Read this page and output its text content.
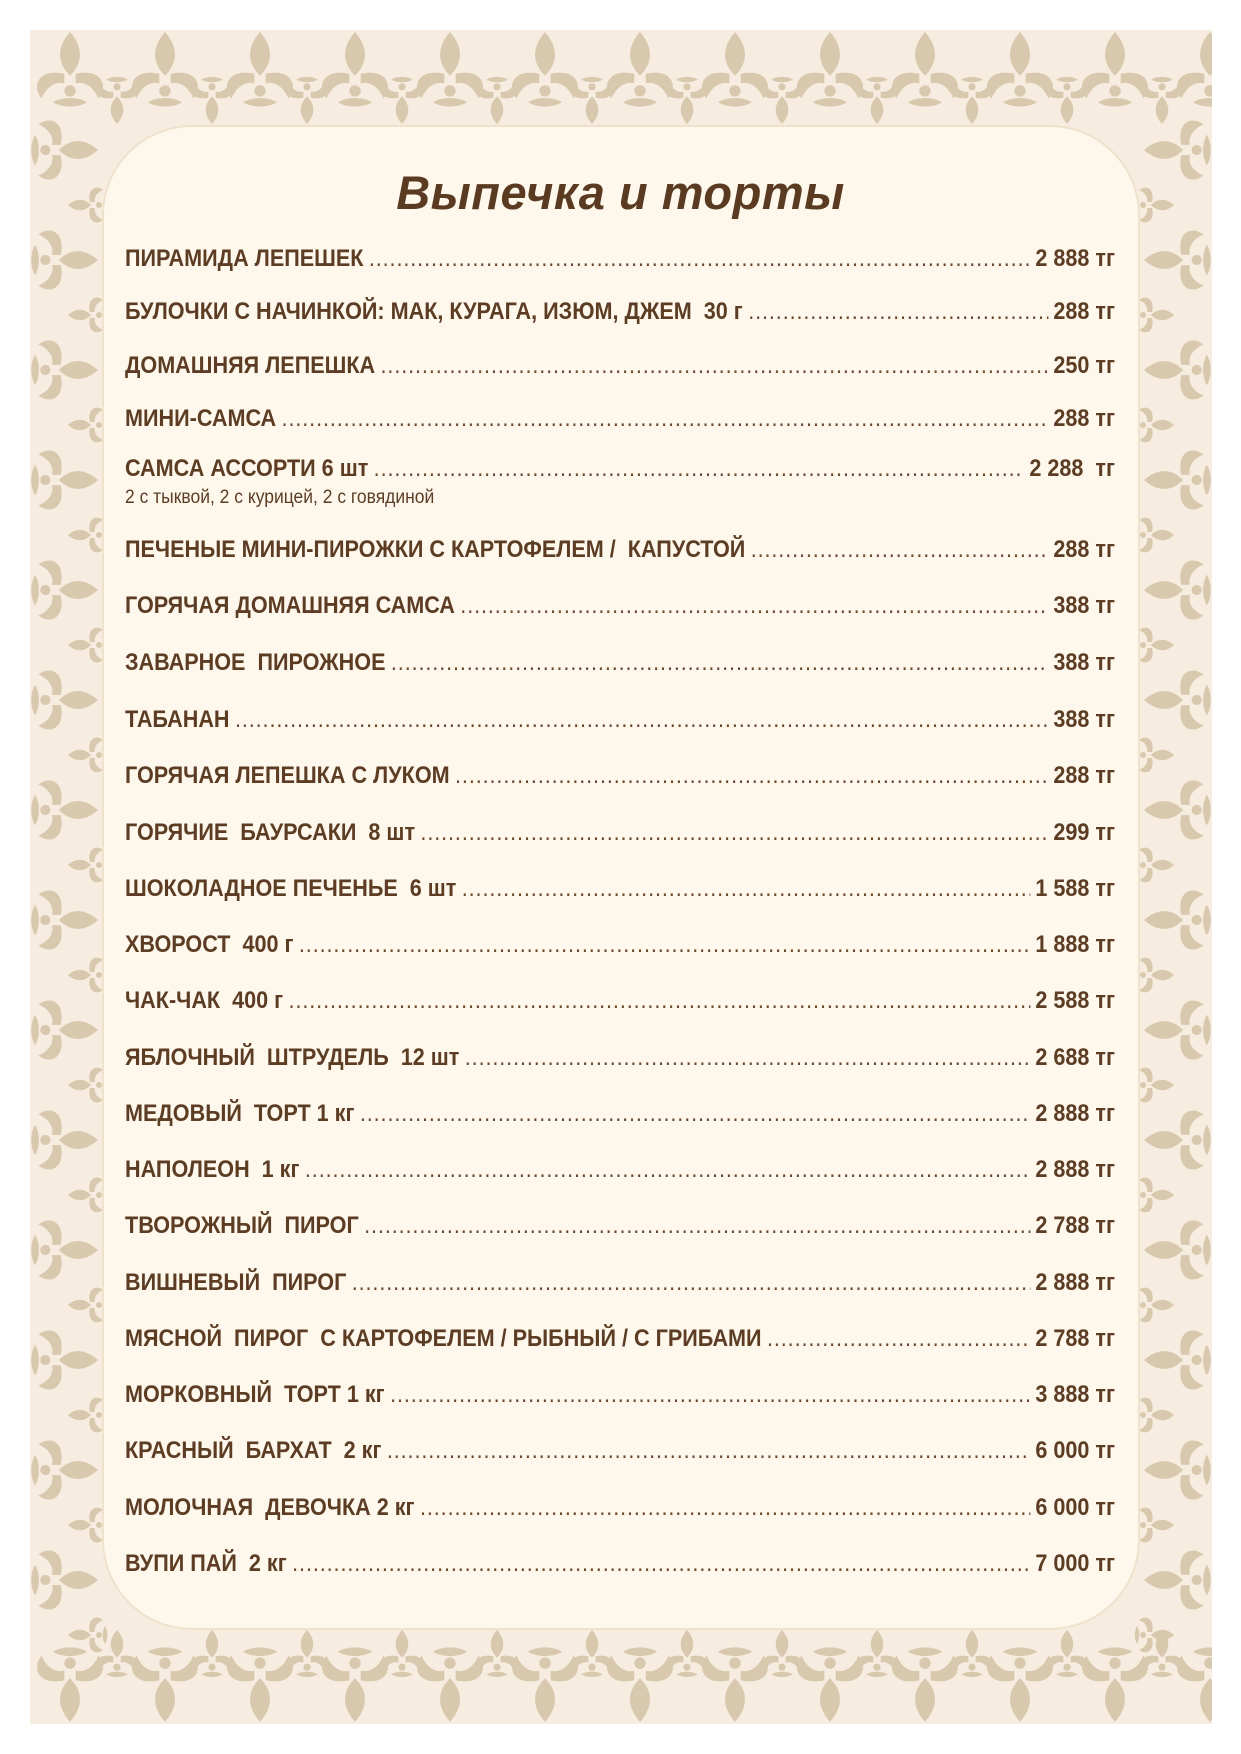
Выпечка и торты
ПИРАМИДА ЛЕПЕШЕК .....	2 888 тг
БУЛОЧКИ С НАЧИНКОЙ: МАК, КУРАГА, ИЗЮМ, ДЖЕМ  30 г .....	288 тг
ДОМАШНЯЯ ЛЕПЕШКА .....	250 тг
МИНИ-САМСА .....	288 тг
САМСА АССОРТИ 6 шт .....	2 288  тг
2 с тыквой, 2 с курицей, 2 с говядиной
ПЕЧЕНЫЕ МИНИ-ПИРОЖКИ С КАРТОФЕЛЕМ /  КАПУСТОЙ .....	288 тг
ГОРЯЧАЯ ДОМАШНЯЯ САМСА .....	388 тг
ЗАВАРНОЕ  ПИРОЖНОЕ .....	388 тг
ТАБАНАН .....	388 тг
ГОРЯЧАЯ ЛЕПЕШКА С ЛУКОМ .....	288 тг
ГОРЯЧИЕ  БАУРСАКИ  8 шт .....	299 тг
ШОКОЛАДНОЕ ПЕЧЕНЬЕ  6 шт .....	1 588 тг
ХВОРОСТ  400 г .....	1 888 тг
ЧАК-ЧАК  400 г .....	2 588 тг
ЯБЛОЧНЫЙ  ШТРУДЕЛЬ  12 шт .....	2 688 тг
МЕДОВЫЙ  ТОРТ 1 кг .....	2 888 тг
НАПОЛЕОН  1 кг .....	2 888 тг
ТВОРОЖНЫЙ  ПИРОГ .....	2 788 тг
ВИШНЕВЫЙ  ПИРОГ .....	2 888 тг
МЯСНОЙ  ПИРОГ  С КАРТОФЕЛЕМ / РЫБНЫЙ / С ГРИБАМИ .....	2 788 тг
МОРКОВНЫЙ  ТОРТ 1 кг .....	3 888 тг
КРАСНЫЙ  БАРХАТ  2 кг .....	6 000 тг
МОЛОЧНАЯ  ДЕВОЧКА 2 кг .....	6 000 тг
ВУПИ ПАЙ  2 кг .....	7 000 тг
